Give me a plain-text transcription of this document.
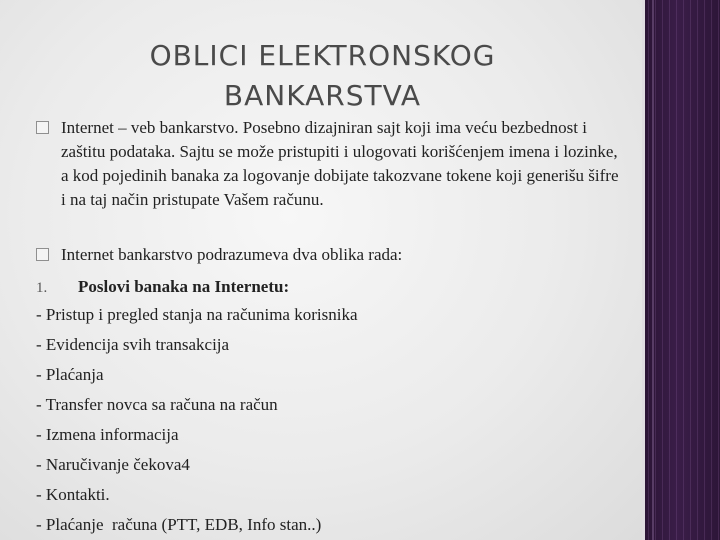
OBLICI ELEKTRONSKOG BANKARSTVA
Internet – veb bankarstvo. Posebno dizajniran sajt koji ima veću bezbednost i zaštitu podataka. Sajtu se može pristupiti i ulogovati korišćenjem imena i lozinke, a kod pojedinih banaka za logovanje dobijate takozvane tokene koji generišu šifre i na taj način pristupate Vašem računu.
Internet bankarstvo podrazumeva dva oblika rada:
1. Poslovi banaka na Internetu:
- Pristup i pregled stanja na računima korisnika
- Evidencija svih transakcija
- Plaćanja
- Transfer novca sa računa na račun
- Izmena informacija
- Naručivanje čekova4
- Kontakti.
- Plaćanje  računa (PTT, EDB, Info stan..)
